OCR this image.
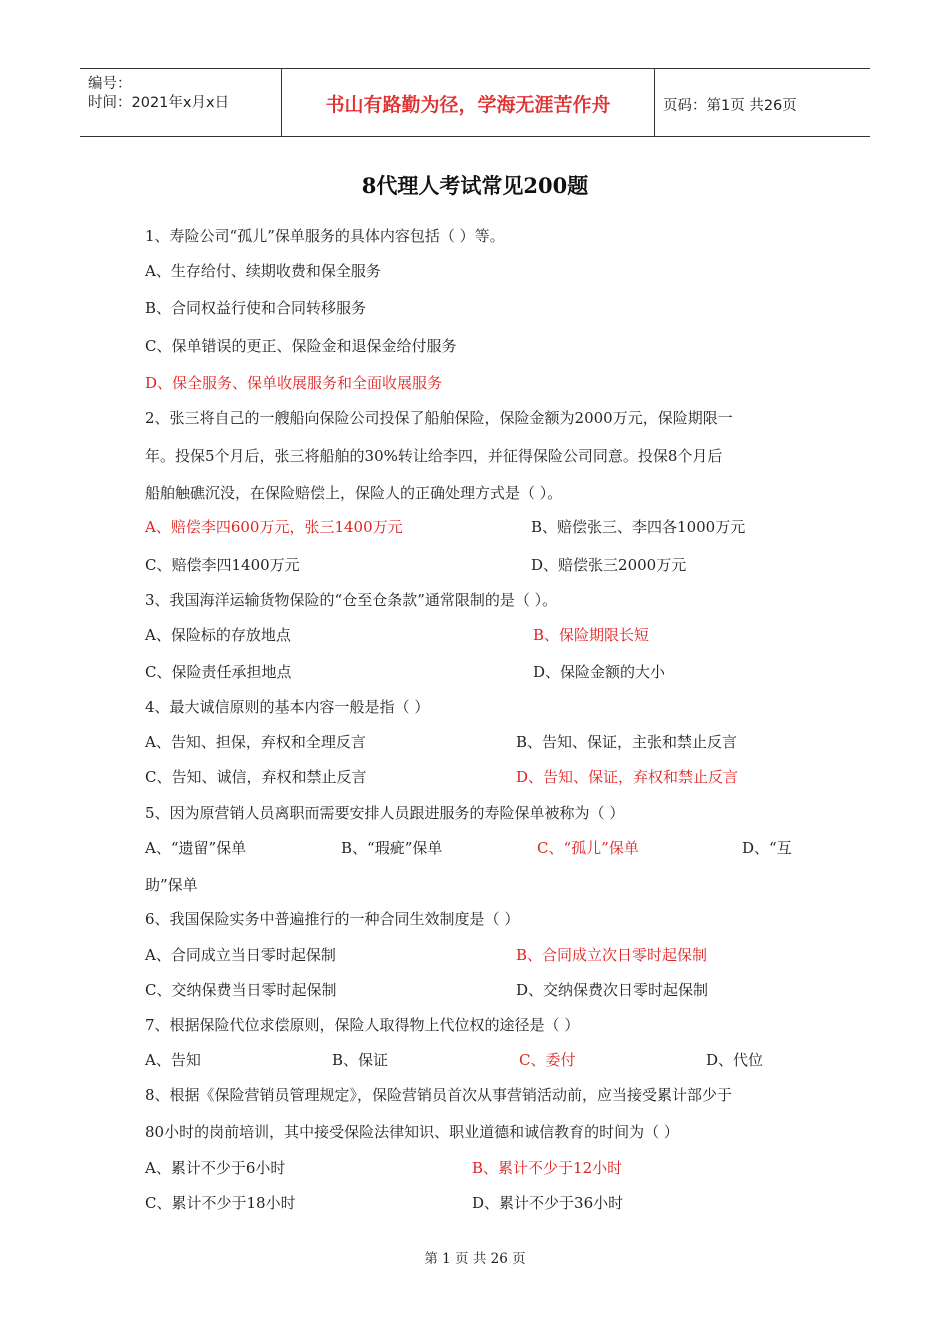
编号：
时间：2021年x月x日	书山有路勤为径，学海无涯苦作舟	页码：第1页 共26页
8代理人考试常见200题
1、寿险公司“孤儿”保单服务的具体内容包括（ ）等。
A、生存给付、续期收费和保全服务
B、合同权益行使和合同转移服务
C、保单错误的更正、保险金和退保金给付服务
D、保全服务、保单收展服务和全面收展服务
2、张三将自己的一艘船向保险公司投保了船舶保险，保险金额为2000万元，保险期限一
年。投保5个月后，张三将船舶的30%转让给李四，并征得保险公司同意。投保8个月后
船舶触礁沉没，在保险赔偿上，保险人的正确处理方式是（ ）。
A、赔偿李四600万元，张三1400万元	B、赔偿张三、李四各1000万元
C、赔偿李四1400万元	D、赔偿张三2000万元
3、我国海洋运输货物保险的“仓至仓条款”通常限制的是（ ）。
A、保险标的存放地点	B、保险期限长短
C、保险责任承担地点	D、保险金额的大小
4、最大诚信原则的基本内容一般是指（ ）
A、告知、担保，弃权和全理反言	B、告知、保证，主张和禁止反言
C、告知、诚信，弃权和禁止反言	D、告知、保证，弃权和禁止反言
5、因为原营销人员离职而需要安排人员跟进服务的寿险保单被称为（ ）
A、“遗留”保单	B、“瑕疵”保单	C、“孤儿”保单	D、“互
助”保单
6、我国保险实务中普遍推行的一种合同生效制度是（ ）
A、合同成立当日零时起保制	B、合同成立次日零时起保制
C、交纳保费当日零时起保制	D、交纳保费次日零时起保制
7、根据保险代位求偿原则，保险人取得物上代位权的途径是（ ）
A、告知	B、保证	C、委付	D、代位
8、根据《保险营销员管理规定》，保险营销员首次从事营销活动前，应当接受累计部少于
80小时的岗前培训，其中接受保险法律知识、职业道德和诚信教育的时间为（ ）
A、累计不少于6小时	B、累计不少于12小时
C、累计不少于18小时	D、累计不少于36小时
第 1 页 共 26 页
